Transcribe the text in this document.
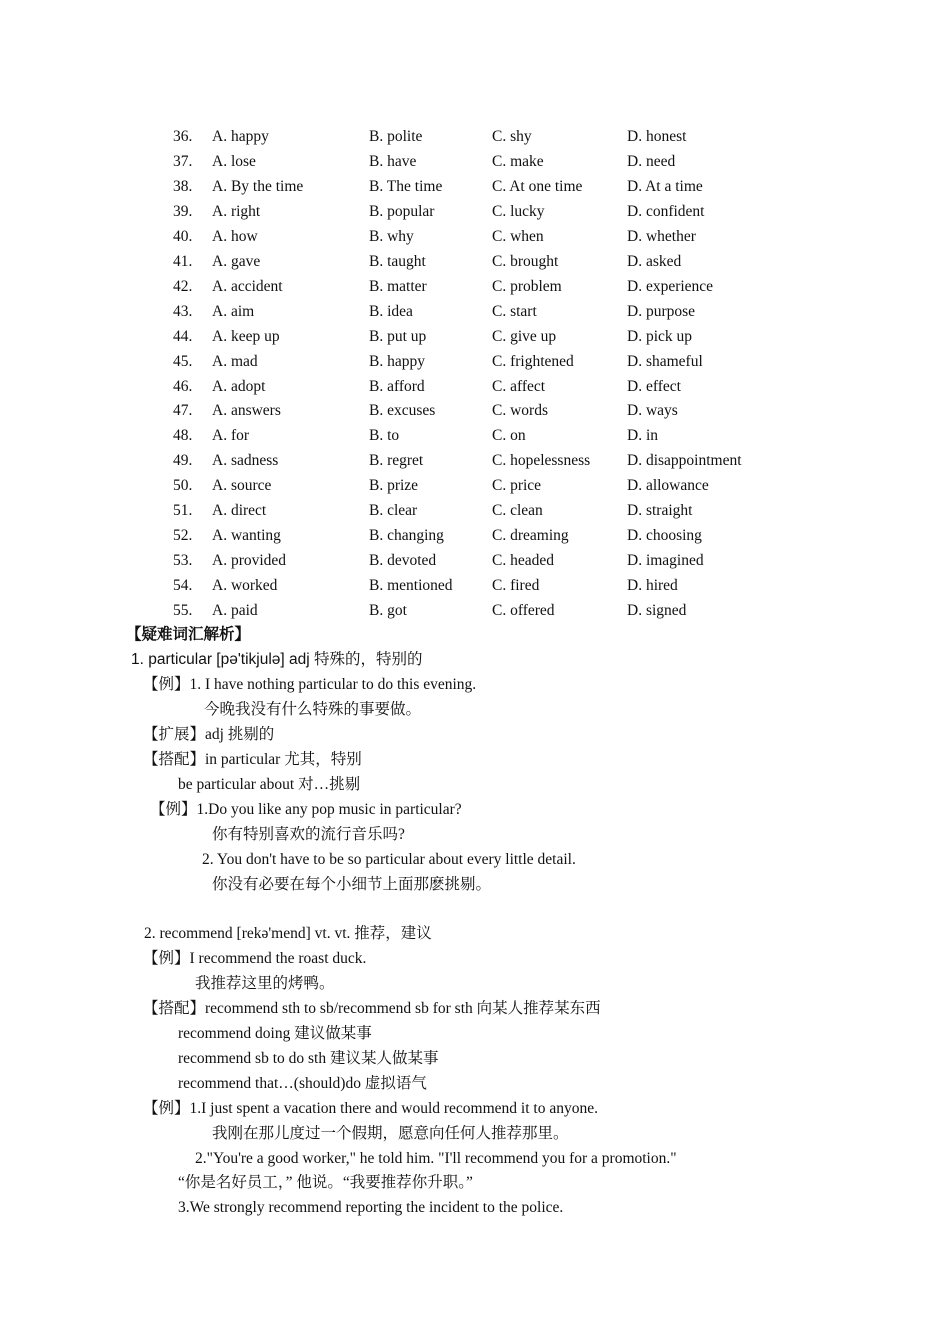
36. A. happy	B. polite	C. shy	D. honest
37. A. lose	B. have	C. make	D. need
38. A. By the time	B. The time	C. At one time	D. At a time
39. A. right	B. popular	C. lucky	D. confident
40. A. how	B. why	C. when	D. whether
41. A. gave	B. taught	C. brought	D. asked
42. A. accident	B. matter	C. problem	D. experience
43. A. aim	B. idea	C. start	D. purpose
44. A. keep up	B. put up	C. give up	D. pick up
45. A. mad	B. happy	C. frightened	D. shameful
46. A. adopt	B. afford	C. affect	D. effect
47. A. answers	B. excuses	C. words	D. ways
48. A. for	B. to	C. on	D. in
49. A. sadness	B. regret	C. hopelessness D. disappointment
50. A. source	B. prize	C. price	D. allowance
51. A. direct	B. clear	C. clean	D. straight
52. A. wanting	B. changing	C. dreaming	D. choosing
53. A. provided	B. devoted	C. headed	D. imagined
54. A. worked	B. mentioned	C. fired	D. hired
55. A. paid	B. got	C. offered	D. signed
【疑难词汇解析】
1. particular [pə'tikjulə] adj 特殊的，特别的
【例】1. I have nothing particular to do this evening.
今晚我没有什么特殊的事要做。
【扩展】adj 挑剔的
【搭配】in particular 尤其，特别
be particular about 对…挑剔
【例】1.Do you like any pop music in particular?
你有特别喜欢的流行音乐吗?
2. You don't have to be so particular about every little detail.
你没有必要在每个小细节上面那麽挑剔。
2. recommend [rekə'mend] vt. vt. 推荐，建议
【例】I recommend the roast duck.
我推荐这里的烤鸭。
【搭配】recommend sth to sb/recommend sb for sth 向某人推荐某东西
recommend doing 建议做某事
recommend sb to do sth 建议某人做某事
recommend that…(should)do 虚拟语气
【例】1.I just spent a vacation there and would recommend it to anyone.
我刚在那儿度过一个假期，愿意向任何人推荐那里。
2."You're a good worker," he told him. "I'll recommend you for a promotion."
“你是名好员工，” 他说。“我要推荐你升职。”
3.We strongly recommend reporting the incident to the police.
